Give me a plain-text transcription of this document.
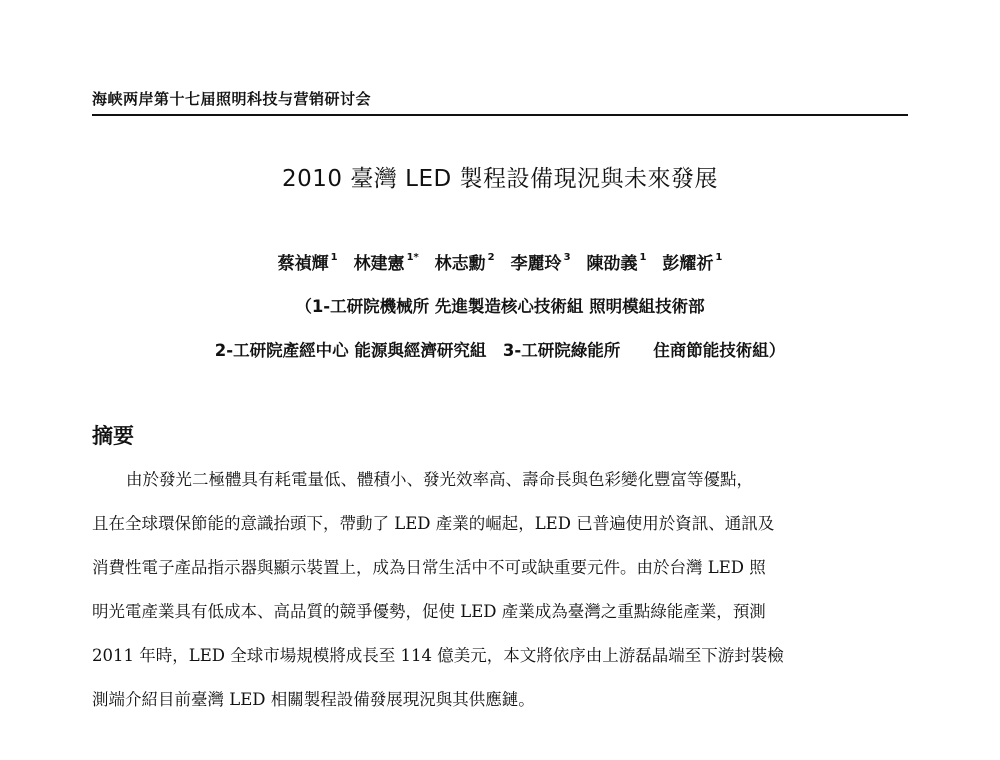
海峡两岸第十七届照明科技与营销研讨会
2010 臺灣 LED 製程設備現況與未來發展
蔡禎輝 $^1$ 林建憲 $^{1*}$ 林志勳 $^2$ 李麗玲 $^3$ 陳劭義 $^1$ 彭耀祈 $^1$
（1-工研院機械所 先進製造核心技術組 照明模組技術部
2-工研院產經中心 能源與經濟研究組　3-工研院綠能所　　住商節能技術組）
摘要
由於發光二極體具有耗電量低、體積小、發光效率高、壽命長與色彩變化豐富等優點，
且在全球環保節能的意識抬頭下，帶動了 LED 產業的崛起，LED 已普遍使用於資訊、通訊及
消費性電子產品指示器與顯示裝置上，成為日常生活中不可或缺重要元件。由於台灣 LED 照
明光電產業具有低成本、高品質的競爭優勢，促使 LED 產業成為臺灣之重點綠能產業，預測
2011 年時，LED 全球市場規模將成長至 114 億美元，本文將依序由上游磊晶端至下游封裝檢
測端介紹目前臺灣 LED 相關製程設備發展現況與其供應鏈。
